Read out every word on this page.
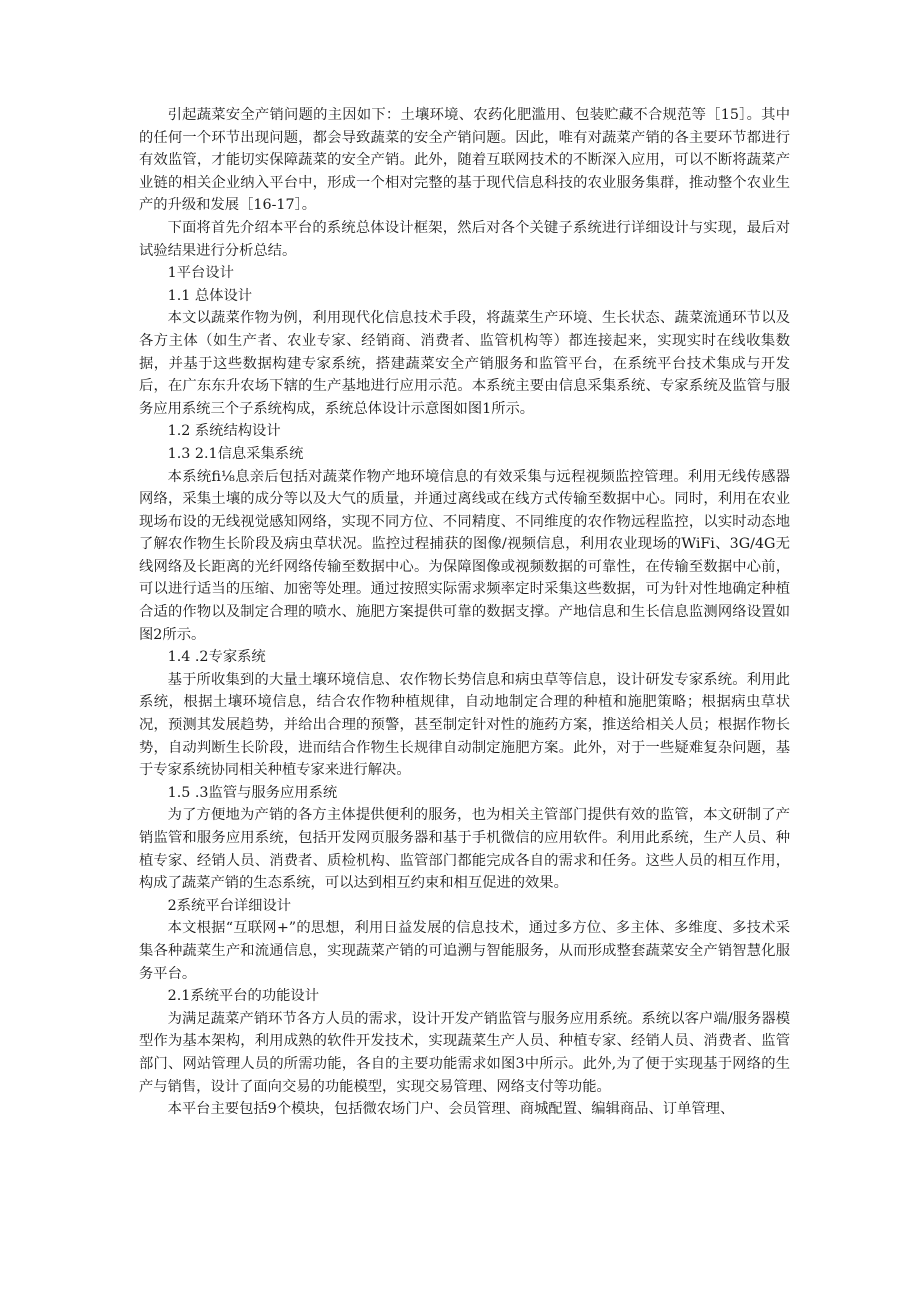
引起蔬菜安全产销问题的主因如下：土壤环境、农药化肥滥用、包装贮藏不合规范等［15］。其中的任何一个环节出现问题，都会导致蔬菜的安全产销问题。因此，唯有对蔬菜产销的各主要环节都进行有效监管，才能切实保障蔬菜的安全产销。此外，随着互联网技术的不断深入应用，可以不断将蔬菜产业链的相关企业纳入平台中，形成一个相对完整的基于现代信息科技的农业服务集群，推动整个农业生产的升级和发展［16-17］。

下面将首先介绍本平台的系统总体设计框架，然后对各个关键子系统进行详细设计与实现，最后对试验结果进行分析总结。

1平台设计
1.1 总体设计

本文以蔬菜作物为例，利用现代化信息技术手段，将蔬菜生产环境、生长状态、蔬菜流通环节以及各方主体（如生产者、农业专家、经销商、消费者、监管机构等）都连接起来，实现实时在线收集数据，并基于这些数据构建专家系统，搭建蔬菜安全产销服务和监管平台，在系统平台技术集成与开发后，在广东东升农场下辖的生产基地进行应用示范。本系统主要由信息采集系统、专家系统及监管与服务应用系统三个子系统构成，系统总体设计示意图如图1所示。

1.2 系统结构设计
1.3 2.1信息采集系统

本系统fi⅛息亲后包括对蔬菜作物产地环境信息的有效采集与远程视频监控管理。利用无线传感器网络，采集土壤的成分等以及大气的质量，并通过离线或在线方式传输至数据中心。同时，利用在农业现场布设的无线视觉感知网络，实现不同方位、不同精度、不同维度的农作物远程监控，以实时动态地了解农作物生长阶段及病虫草状况。监控过程捕获的图像/视频信息，利用农业现场的WiFi、3G/4G无线网络及长距离的光纤网络传输至数据中心。为保障图像或视频数据的可靠性，在传输至数据中心前，可以进行适当的压缩、加密等处理。通过按照实际需求频率定时采集这些数据，可为针对性地确定种植合适的作物以及制定合理的喷水、施肥方案提供可靠的数据支撑。产地信息和生长信息监测网络设置如图2所示。

1.4 .2专家系统

基于所收集到的大量土壤环境信息、农作物长势信息和病虫草等信息，设计研发专家系统。利用此系统，根据土壤环境信息，结合农作物种植规律，自动地制定合理的种植和施肥策略；根据病虫草状况，预测其发展趋势，并给出合理的预警，甚至制定针对性的施药方案，推送给相关人员；根据作物长势，自动判断生长阶段，进而结合作物生长规律自动制定施肥方案。此外，对于一些疑难复杂问题，基于专家系统协同相关种植专家来进行解决。

1.5 .3监管与服务应用系统

为了方便地为产销的各方主体提供便利的服务，也为相关主管部门提供有效的监管，本文研制了产销监管和服务应用系统，包括开发网页服务器和基于手机微信的应用软件。利用此系统，生产人员、种植专家、经销人员、消费者、质检机构、监管部门都能完成各自的需求和任务。这些人员的相互作用，构成了蔬菜产销的生态系统，可以达到相互约束和相互促进的效果。

2系统平台详细设计

本文根据“互联网+”的思想，利用日益发展的信息技术，通过多方位、多主体、多维度、多技术采集各种蔬菜生产和流通信息，实现蔬菜产销的可追溯与智能服务，从而形成整套蔬菜安全产销智慧化服务平台。

2.1系统平台的功能设计

为满足蔬菜产销环节各方人员的需求，设计开发产销监管与服务应用系统。系统以客户端/服务器模型作为基本架构，利用成熟的软件开发技术，实现蔬菜生产人员、种植专家、经销人员、消费者、监管部门、网站管理人员的所需功能，各自的主要功能需求如图3中所示。此外,为了便于实现基于网络的生产与销售，设计了面向交易的功能模型，实现交易管理、网络支付等功能。

本平台主要包括9个模块，包括微农场门户、会员管理、商城配置、编辑商品、订单管理、
